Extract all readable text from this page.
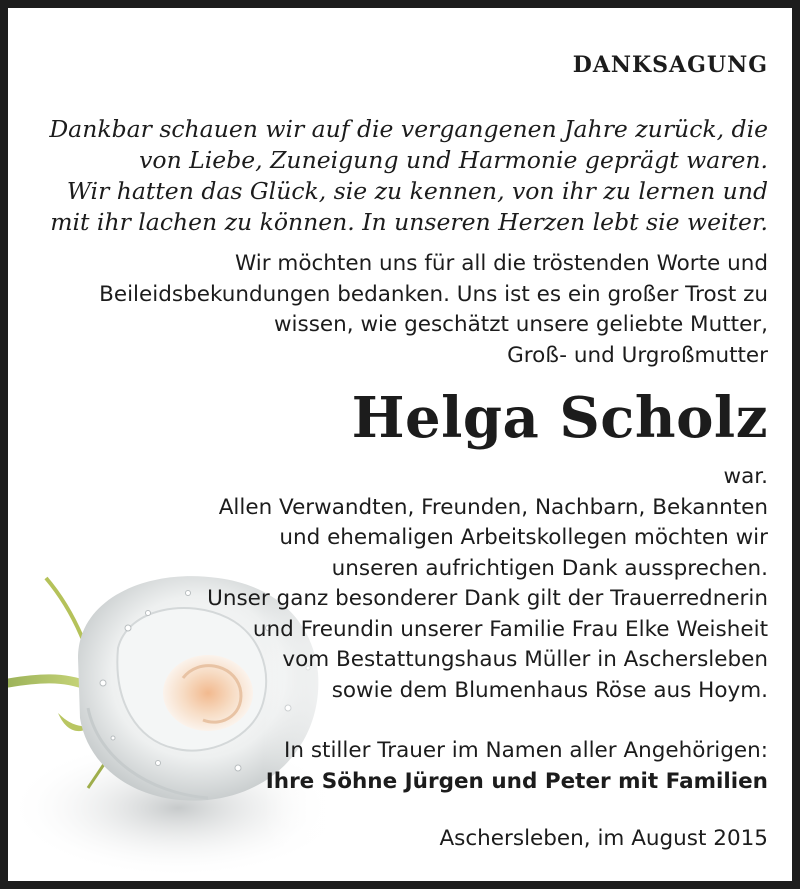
DANKSAGUNG
Dankbar schauen wir auf die vergangenen Jahre zurück, die
von Liebe, Zuneigung und Harmonie geprägt waren.
Wir hatten das Glück, sie zu kennen, von ihr zu lernen und
mit ihr lachen zu können. In unseren Herzen lebt sie weiter.
Wir möchten uns für all die tröstenden Worte und
Beileidsbekundungen bedanken. Uns ist es ein großer Trost zu
wissen, wie geschätzt unsere geliebte Mutter,
Groß- und Urgroßmutter
Helga Scholz
war.
Allen Verwandten, Freunden, Nachbarn, Bekannten
und ehemaligen Arbeitskollegen möchten wir
unseren aufrichtigen Dank aussprechen.
Unser ganz besonderer Dank gilt der Trauerrednerin
und Freundin unserer Familie Frau Elke Weisheit
vom Bestattungshaus Müller in Aschersleben
sowie dem Blumenhaus Röse aus Hoym.
In stiller Trauer im Namen aller Angehörigen:
Ihre Söhne Jürgen und Peter mit Familien
Aschersleben, im August 2015
